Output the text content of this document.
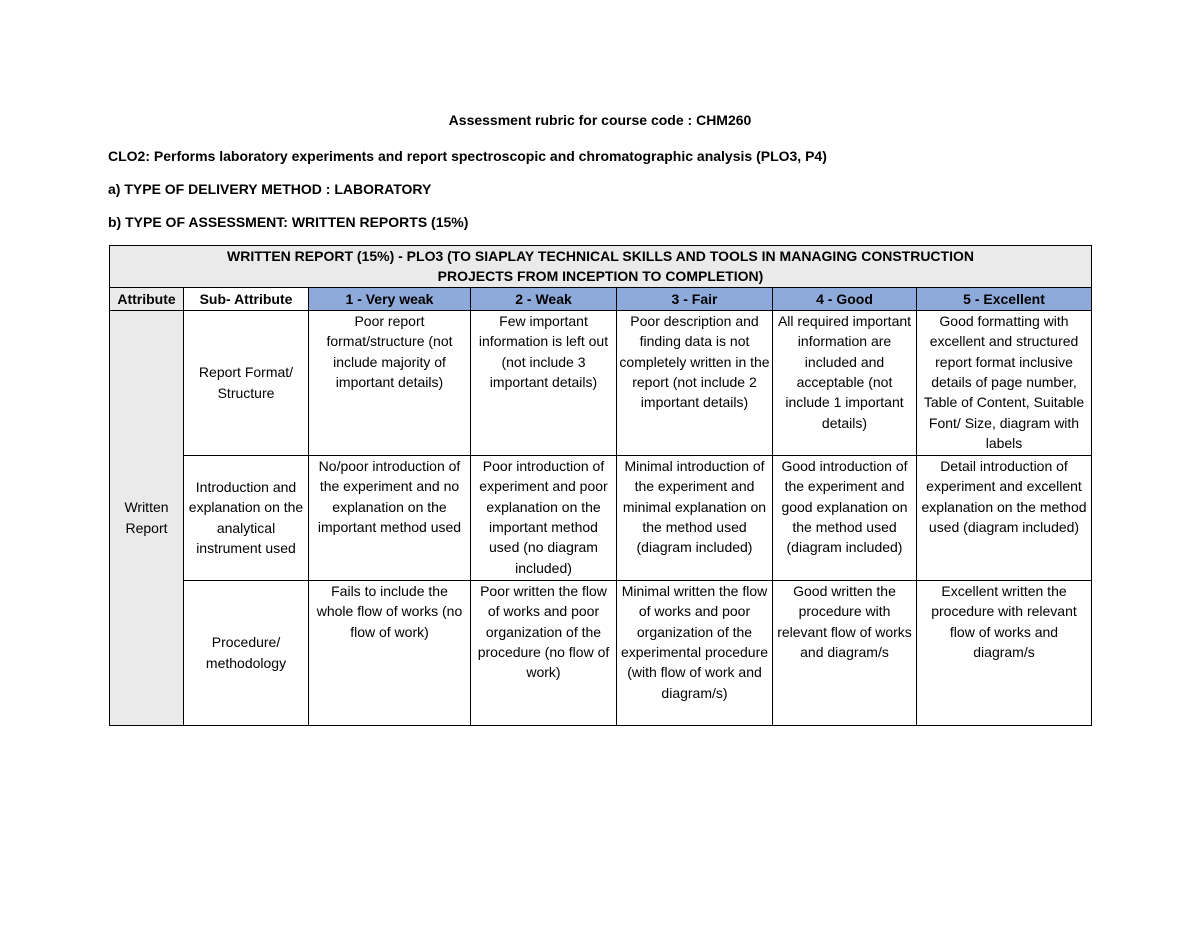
Assessment rubric for course code : CHM260
CLO2: Performs laboratory experiments and report spectroscopic and chromatographic analysis (PLO3, P4)
a) TYPE OF DELIVERY METHOD : LABORATORY
b) TYPE OF ASSESSMENT: WRITTEN REPORTS (15%)
WRITTEN REPORT (15%) - PLO3 (TO SIAPLAY TECHNICAL SKILLS AND TOOLS IN MANAGING CONSTRUCTION
PROJECTS FROM INCEPTION TO COMPLETION)						

Attribute	Sub- Attribute	1 - Very weak	2 - Weak	3 - Fair	4 - Good	5 - Excellent
Written Report	Report Format/ Structure	Poor report format/structure (not include majority of important details)	Few important information is left out (not include 3 important details)	Poor description and finding data is not completely written in the report (not include 2 important details)	All required important information are included and acceptable (not include 1 important details)	Good formatting with excellent and structured report format inclusive details of page number, Table of Content, Suitable Font/ Size, diagram with labels
	Introduction and explanation on the analytical instrument used	No/poor introduction of the experiment and no explanation on the important method used	Poor introduction of experiment and poor explanation on the important method used (no diagram included)	Minimal introduction of the experiment and minimal explanation on the method used (diagram included)	Good introduction of the experiment and good explanation on the method used (diagram included)	Detail introduction of experiment and excellent explanation on the method used (diagram included)
	Procedure/ methodology	Fails to include the whole flow of works (no flow of work)	Poor written the flow of works and poor organization of the procedure (no flow of work)	Minimal written the flow of works and poor organization of the experimental procedure (with flow of work and diagram/s)	Good written the procedure with relevant flow of works and diagram/s	Excellent written the procedure with relevant flow of works and diagram/s
